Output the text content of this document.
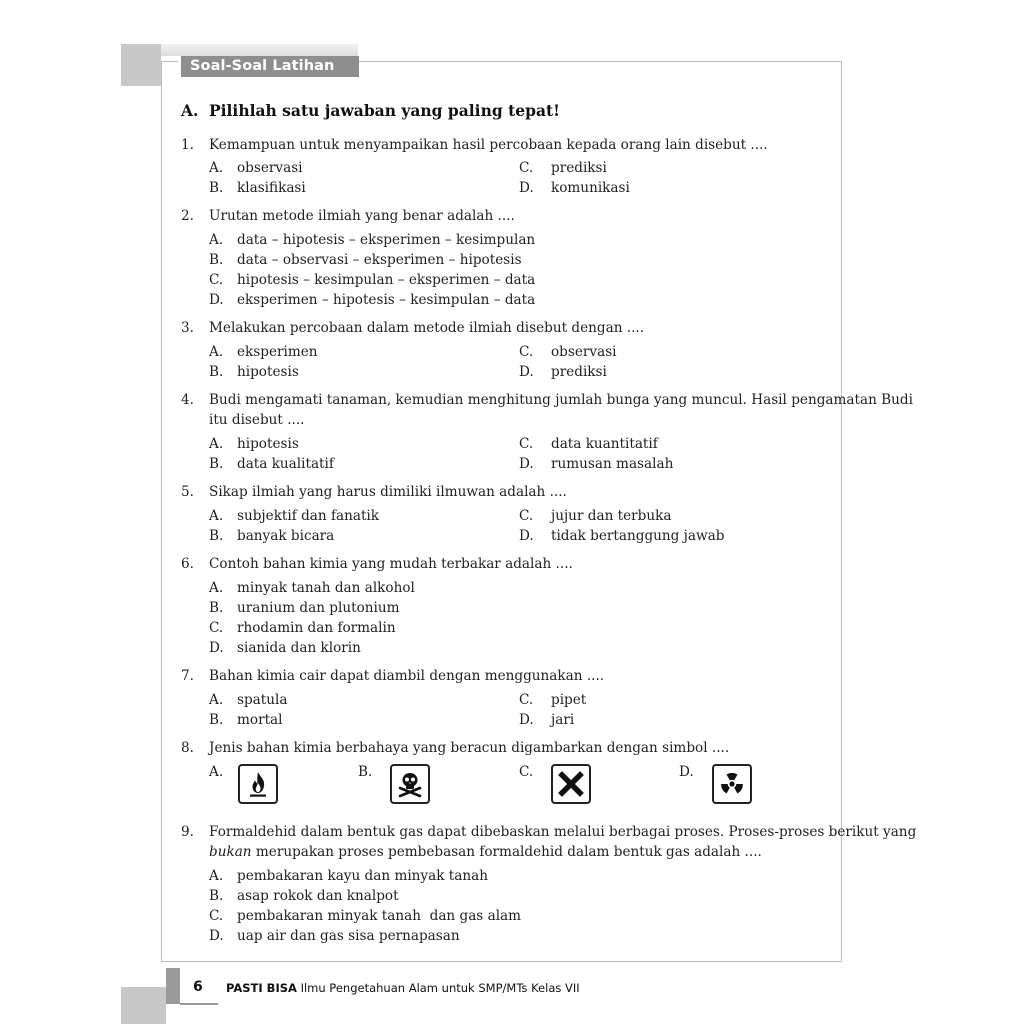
Soal-Soal Latihan
A. Pilihlah satu jawaban yang paling tepat!
1.	Kemampuan untuk menyampaikan hasil percobaan kepada orang lain disebut ....
A. observasi
B. klasifikasi
C. prediksi
D. komunikasi
2. Urutan metode ilmiah yang benar adalah ....
A. data – hipotesis – eksperimen – kesimpulan
B. data – observasi – eksperimen – hipotesis
C. hipotesis – kesimpulan – eksperimen – data
D. eksperimen – hipotesis – kesimpulan – data
3. Melakukan percobaan dalam metode ilmiah disebut dengan ....
A. eksperimen
B. hipotesis
C. observasi
D. prediksi
4. Budi mengamati tanaman, kemudian menghitung jumlah bunga yang muncul. Hasil pengamatan Budi
itu disebut ....
A. hipotesis
B. data kualitatif
C. data kuantitatif
D. rumusan masalah
5. Sikap ilmiah yang harus dimiliki ilmuwan adalah ....
A. subjektif dan fanatik
B. banyak bicara
C. jujur dan terbuka
D. tidak bertanggung jawab
6. Contoh bahan kimia yang mudah terbakar adalah ....
A. minyak tanah dan alkohol
B. uranium dan plutonium
C. rhodamin dan formalin
D. sianida dan klorin
7. Bahan kimia cair dapat diambil dengan menggunakan ....
A. spatula
B. mortal
C. pipet
D. jari
8. Jenis bahan kimia berbahaya yang beracun digambarkan dengan simbol ....
A.	B.	C.	D.
9. Formaldehid dalam bentuk gas dapat dibebaskan melalui berbagai proses. Proses-proses berikut yang
bukan merupakan proses pembebasan formaldehid dalam bentuk gas adalah ....
A. pembakaran kayu dan minyak tanah
B. asap rokok dan knalpot
C. pembakaran minyak tanah  dan gas alam
D. uap air dan gas sisa pernapasan
6 PASTI BISA Ilmu Pengetahuan Alam untuk SMP/MTs Kelas VII
